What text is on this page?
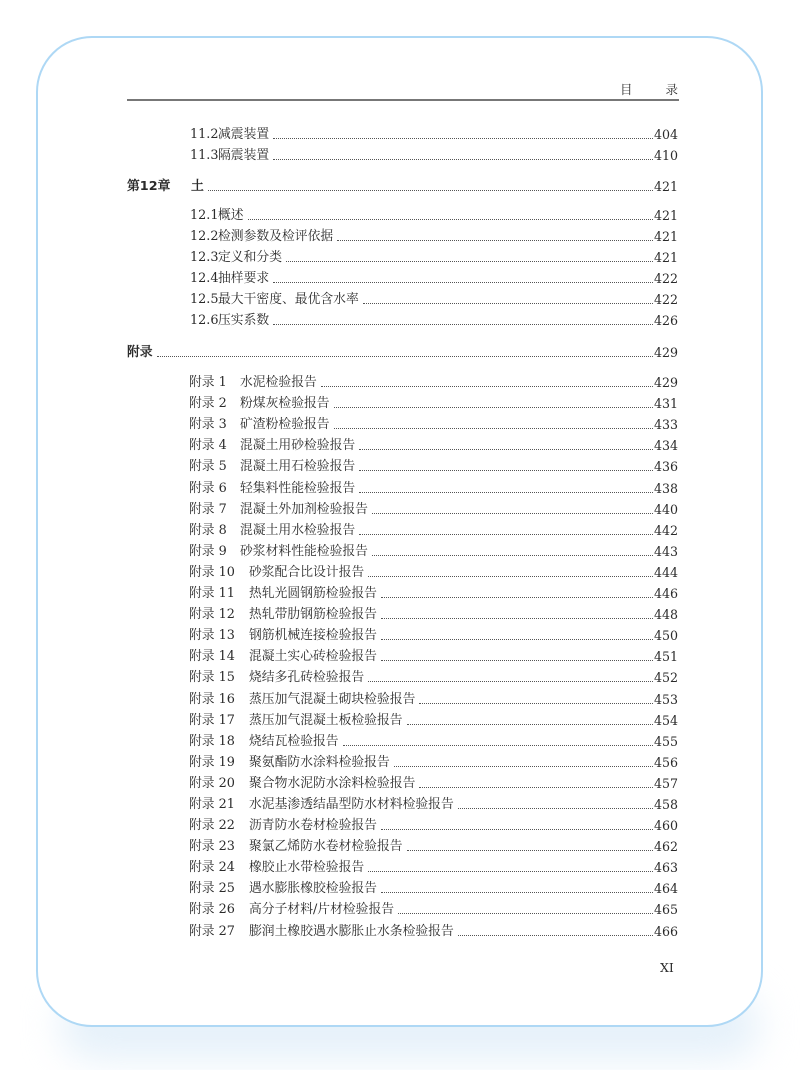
目	录
11.2 减震装置	404
11.3 隔震装置	410
第12章	土	421
12.1 概述	421
12.2 检测参数及检评依据	421
12.3 定义和分类	421
12.4 抽样要求	422
12.5 最大干密度、最优含水率	422
12.6 压实系数	426
附录	429
附录 1	水泥检验报告	429
附录 2	粉煤灰检验报告	431
附录 3	矿渣粉检验报告	433
附录 4	混凝土用砂检验报告	434
附录 5	混凝土用石检验报告	436
附录 6	轻集料性能检验报告	438
附录 7	混凝土外加剂检验报告	440
附录 8	混凝土用水检验报告	442
附录 9	砂浆材料性能检验报告	443
附录 10	砂浆配合比设计报告	444
附录 11	热轧光圆钢筋检验报告	446
附录 12	热轧带肋钢筋检验报告	448
附录 13	钢筋机械连接检验报告	450
附录 14	混凝土实心砖检验报告	451
附录 15	烧结多孔砖检验报告	452
附录 16	蒸压加气混凝土砌块检验报告	453
附录 17	蒸压加气混凝土板检验报告	454
附录 18	烧结瓦检验报告	455
附录 19	聚氨酯防水涂料检验报告	456
附录 20	聚合物水泥防水涂料检验报告	457
附录 21	水泥基渗透结晶型防水材料检验报告	458
附录 22	沥青防水卷材检验报告	460
附录 23	聚氯乙烯防水卷材检验报告	462
附录 24	橡胶止水带检验报告	463
附录 25	遇水膨胀橡胶检验报告	464
附录 26	高分子材料/片材检验报告	465
附录 27	膨润土橡胶遇水膨胀止水条检验报告	466
XI
